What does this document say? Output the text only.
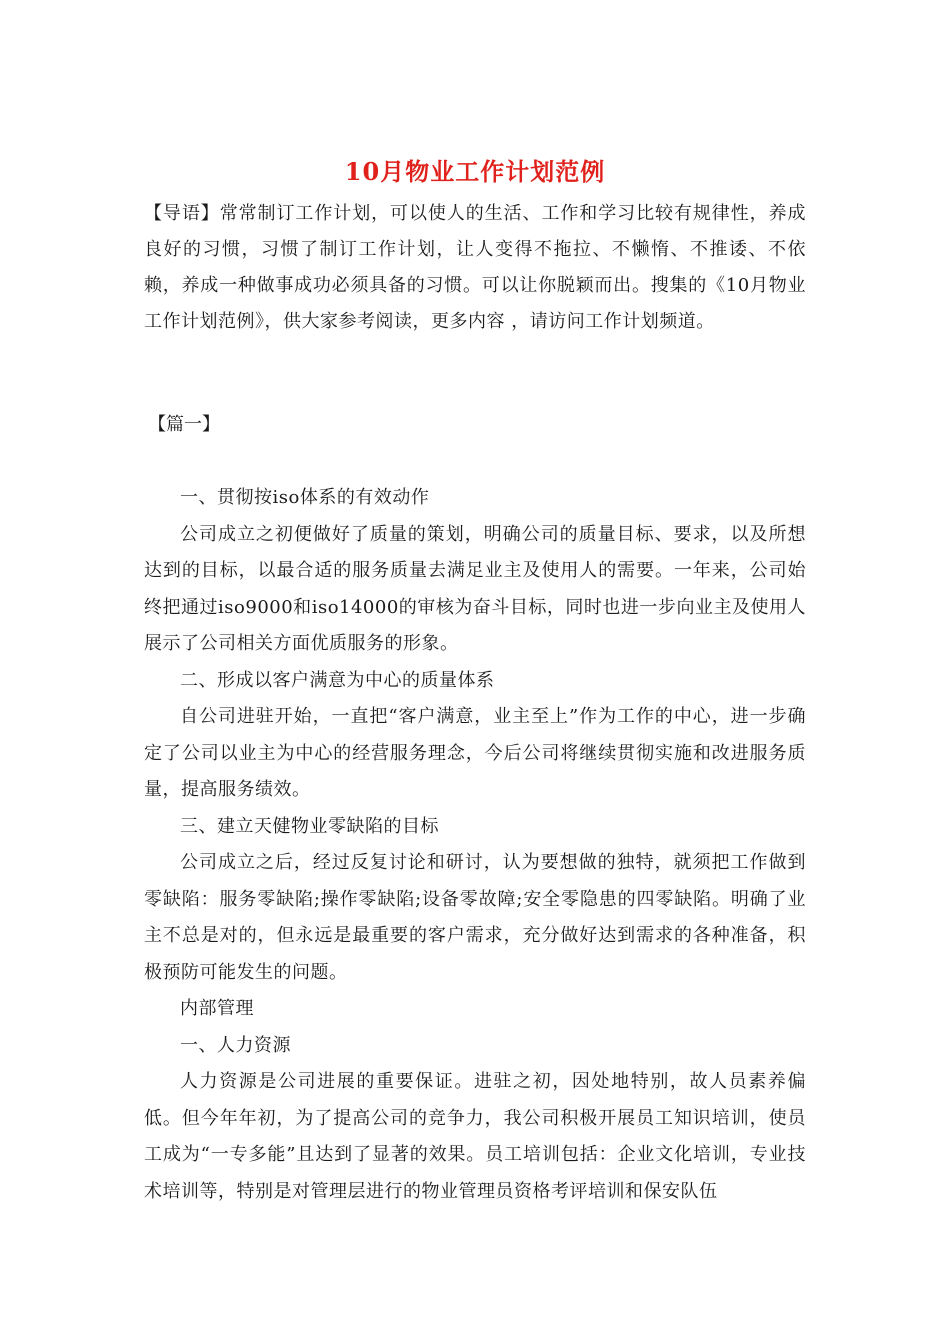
10月物业工作计划范例
【导语】常常制订工作计划，可以使人的生活、工作和学习比较有规律性，养成良好的习惯，习惯了制订工作计划，让人变得不拖拉、不懒惰、不推诿、不依赖，养成一种做事成功必须具备的习惯。可以让你脱颖而出。搜集的《10月物业工作计划范例》，供大家参考阅读，更多内容 ，请访问工作计划频道。
【篇一】

一、贯彻按iso体系的有效动作

公司成立之初便做好了质量的策划，明确公司的质量目标、要求，以及所想达到的目标，以最合适的服务质量去满足业主及使用人的需要。一年来，公司始终把通过iso9000和iso14000的审核为奋斗目标，同时也进一步向业主及使用人展示了公司相关方面优质服务的形象。

二、形成以客户满意为中心的质量体系

自公司进驻开始，一直把“客户满意，业主至上”作为工作的中心，进一步确定了公司以业主为中心的经营服务理念，今后公司将继续贯彻实施和改进服务质量，提高服务绩效。

三、建立天健物业零缺陷的目标

公司成立之后，经过反复讨论和研讨，认为要想做的独特，就须把工作做到零缺陷：服务零缺陷;操作零缺陷;设备零故障;安全零隐患的四零缺陷。明确了业主不总是对的，但永远是最重要的客户需求，充分做好达到需求的各种准备，积极预防可能发生的问题。

内部管理

一、人力资源

人力资源是公司进展的重要保证。进驻之初，因处地特别，故人员素养偏低。但今年年初，为了提高公司的竞争力，我公司积极开展员工知识培训，使员工成为“一专多能”且达到了显著的效果。员工培训包括：企业文化培训，专业技术培训等，特别是对管理层进行的物业管理员资格考评培训和保安队伍
